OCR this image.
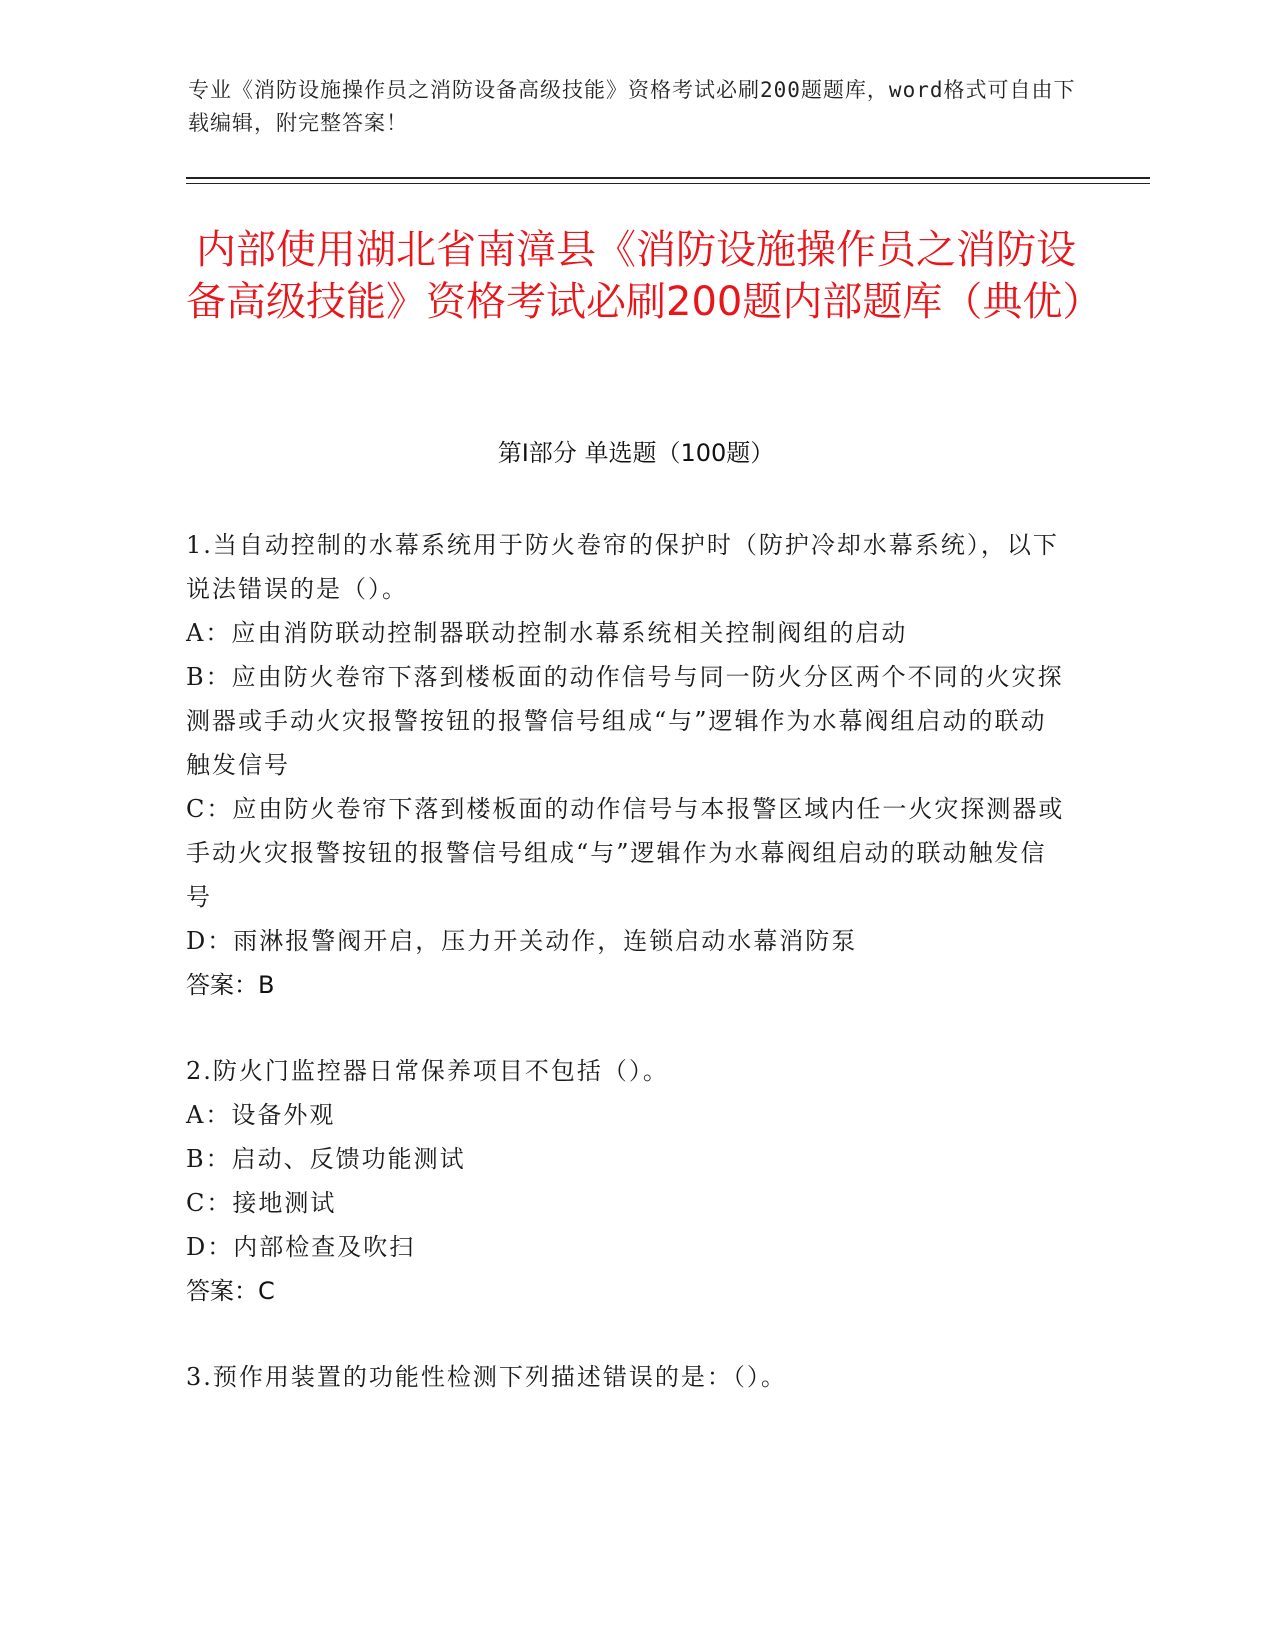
专业《消防设施操作员之消防设备高级技能》资格考试必刷200题题库，word格式可自由下载编辑，附完整答案！
内部使用湖北省南漳县《消防设施操作员之消防设备高级技能》资格考试必刷200题内部题库（典优）
第Ⅰ部分 单选题（100题）
1.当自动控制的水幕系统用于防火卷帘的保护时（防护冷却水幕系统），以下说法错误的是（）。
A：应由消防联动控制器联动控制水幕系统相关控制阀组的启动
B：应由防火卷帘下落到楼板面的动作信号与同一防火分区两个不同的火灾探测器或手动火灾报警按钮的报警信号组成“与”逻辑作为水幕阀组启动的联动触发信号
C：应由防火卷帘下落到楼板面的动作信号与本报警区域内任一火灾探测器或手动火灾报警按钮的报警信号组成“与”逻辑作为水幕阀组启动的联动触发信号
D：雨淋报警阀开启，压力开关动作，连锁启动水幕消防泵
答案：B
2.防火门监控器日常保养项目不包括（）。
A：设备外观
B：启动、反馈功能测试
C：接地测试
D：内部检查及吹扫
答案：C
3.预作用装置的功能性检测下列描述错误的是：（）。
